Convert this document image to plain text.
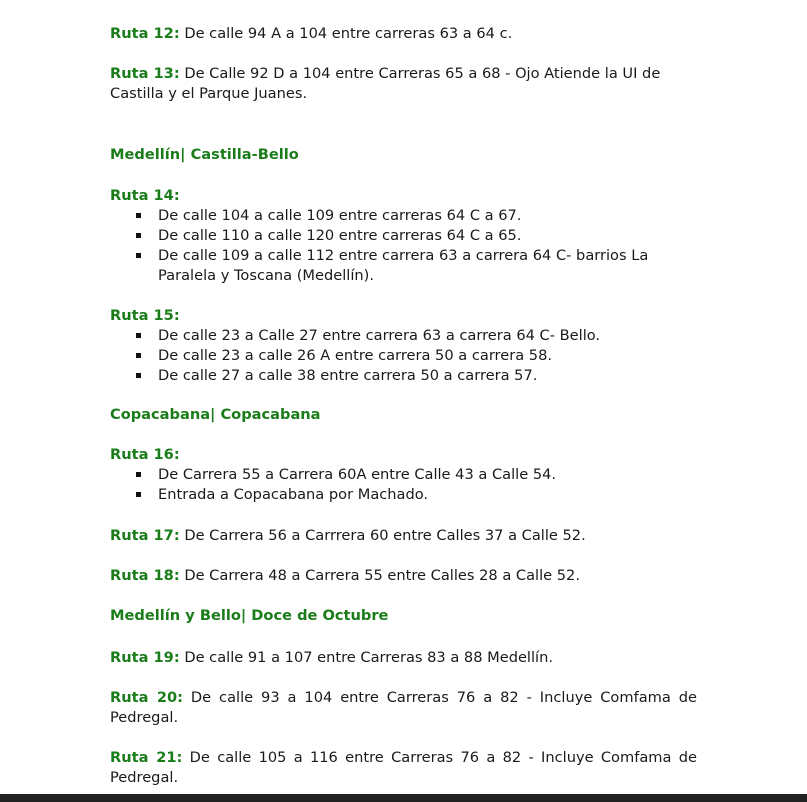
Ruta 12: De calle 94 A a 104 entre carreras 63 a 64 c.
Ruta 13: De Calle 92 D a 104 entre Carreras 65 a 68 - Ojo Atiende la UI de Castilla y el Parque Juanes.
Medellín| Castilla-Bello
Ruta 14:
De calle 104 a calle 109 entre carreras 64 C a 67.
De calle 110 a calle 120 entre carreras 64 C a 65.
De calle 109 a calle 112 entre carrera 63 a carrera 64 C- barrios La Paralela y Toscana (Medellín).
Ruta 15:
De calle 23 a Calle 27 entre carrera 63 a carrera 64 C- Bello.
De calle 23 a calle 26 A entre carrera 50 a carrera 58.
De calle 27 a calle 38 entre carrera 50 a carrera 57.
Copacabana| Copacabana
Ruta 16:
De Carrera 55 a Carrera 60A entre Calle 43 a Calle 54.
Entrada a Copacabana por Machado.
Ruta 17: De Carrera 56 a Carrrera 60 entre Calles 37 a Calle 52.
Ruta 18: De Carrera 48 a Carrera 55 entre Calles 28 a Calle 52.
Medellín y Bello| Doce de Octubre
Ruta 19: De calle 91 a 107 entre Carreras 83 a 88 Medellín.
Ruta 20: De calle 93 a 104 entre Carreras 76 a 82 - Incluye Comfama de Pedregal.
Ruta 21: De calle 105 a 116 entre Carreras 76 a 82 - Incluye Comfama de Pedregal.
